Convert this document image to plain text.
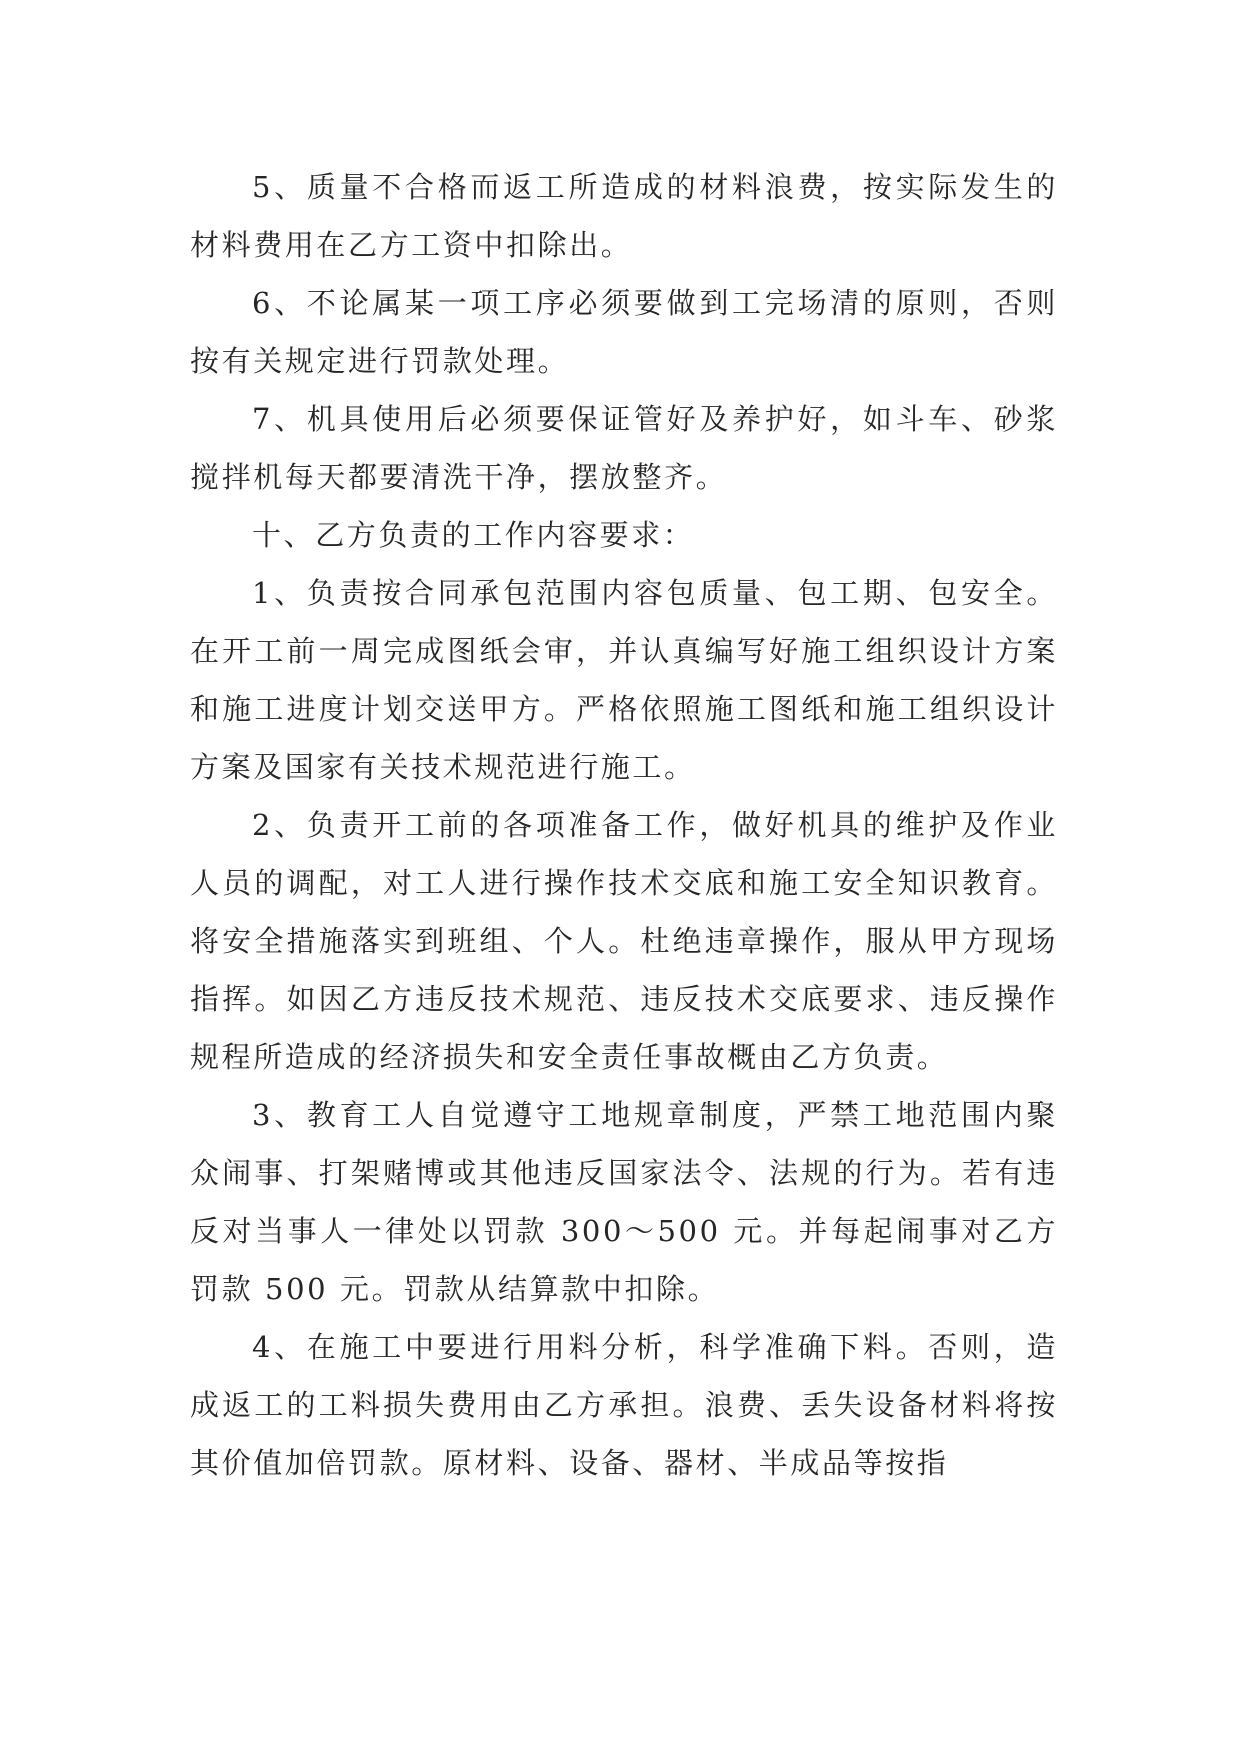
5、质量不合格而返工所造成的材料浪费，按实际发生的材料费用在乙方工资中扣除出。

6、不论属某一项工序必须要做到工完场清的原则，否则按有关规定进行罚款处理。

7、机具使用后必须要保证管好及养护好，如斗车、砂浆搅拌机每天都要清洗干净，摆放整齐。

十、乙方负责的工作内容要求：

1、负责按合同承包范围内容包质量、包工期、包安全。在开工前一周完成图纸会审，并认真编写好施工组织设计方案和施工进度计划交送甲方。严格依照施工图纸和施工组织设计方案及国家有关技术规范进行施工。

2、负责开工前的各项准备工作，做好机具的维护及作业人员的调配，对工人进行操作技术交底和施工安全知识教育。将安全措施落实到班组、个人。杜绝违章操作，服从甲方现场指挥。如因乙方违反技术规范、违反技术交底要求、违反操作规程所造成的经济损失和安全责任事故概由乙方负责。

3、教育工人自觉遵守工地规章制度，严禁工地范围内聚众闹事、打架赌博或其他违反国家法令、法规的行为。若有违反对当事人一律处以罚款 300～500 元。并每起闹事对乙方罚款 500 元。罚款从结算款中扣除。

4、在施工中要进行用料分析，科学准确下料。否则，造成返工的工料损失费用由乙方承担。浪费、丢失设备材料将按其价值加倍罚款。原材料、设备、器材、半成品等按指
